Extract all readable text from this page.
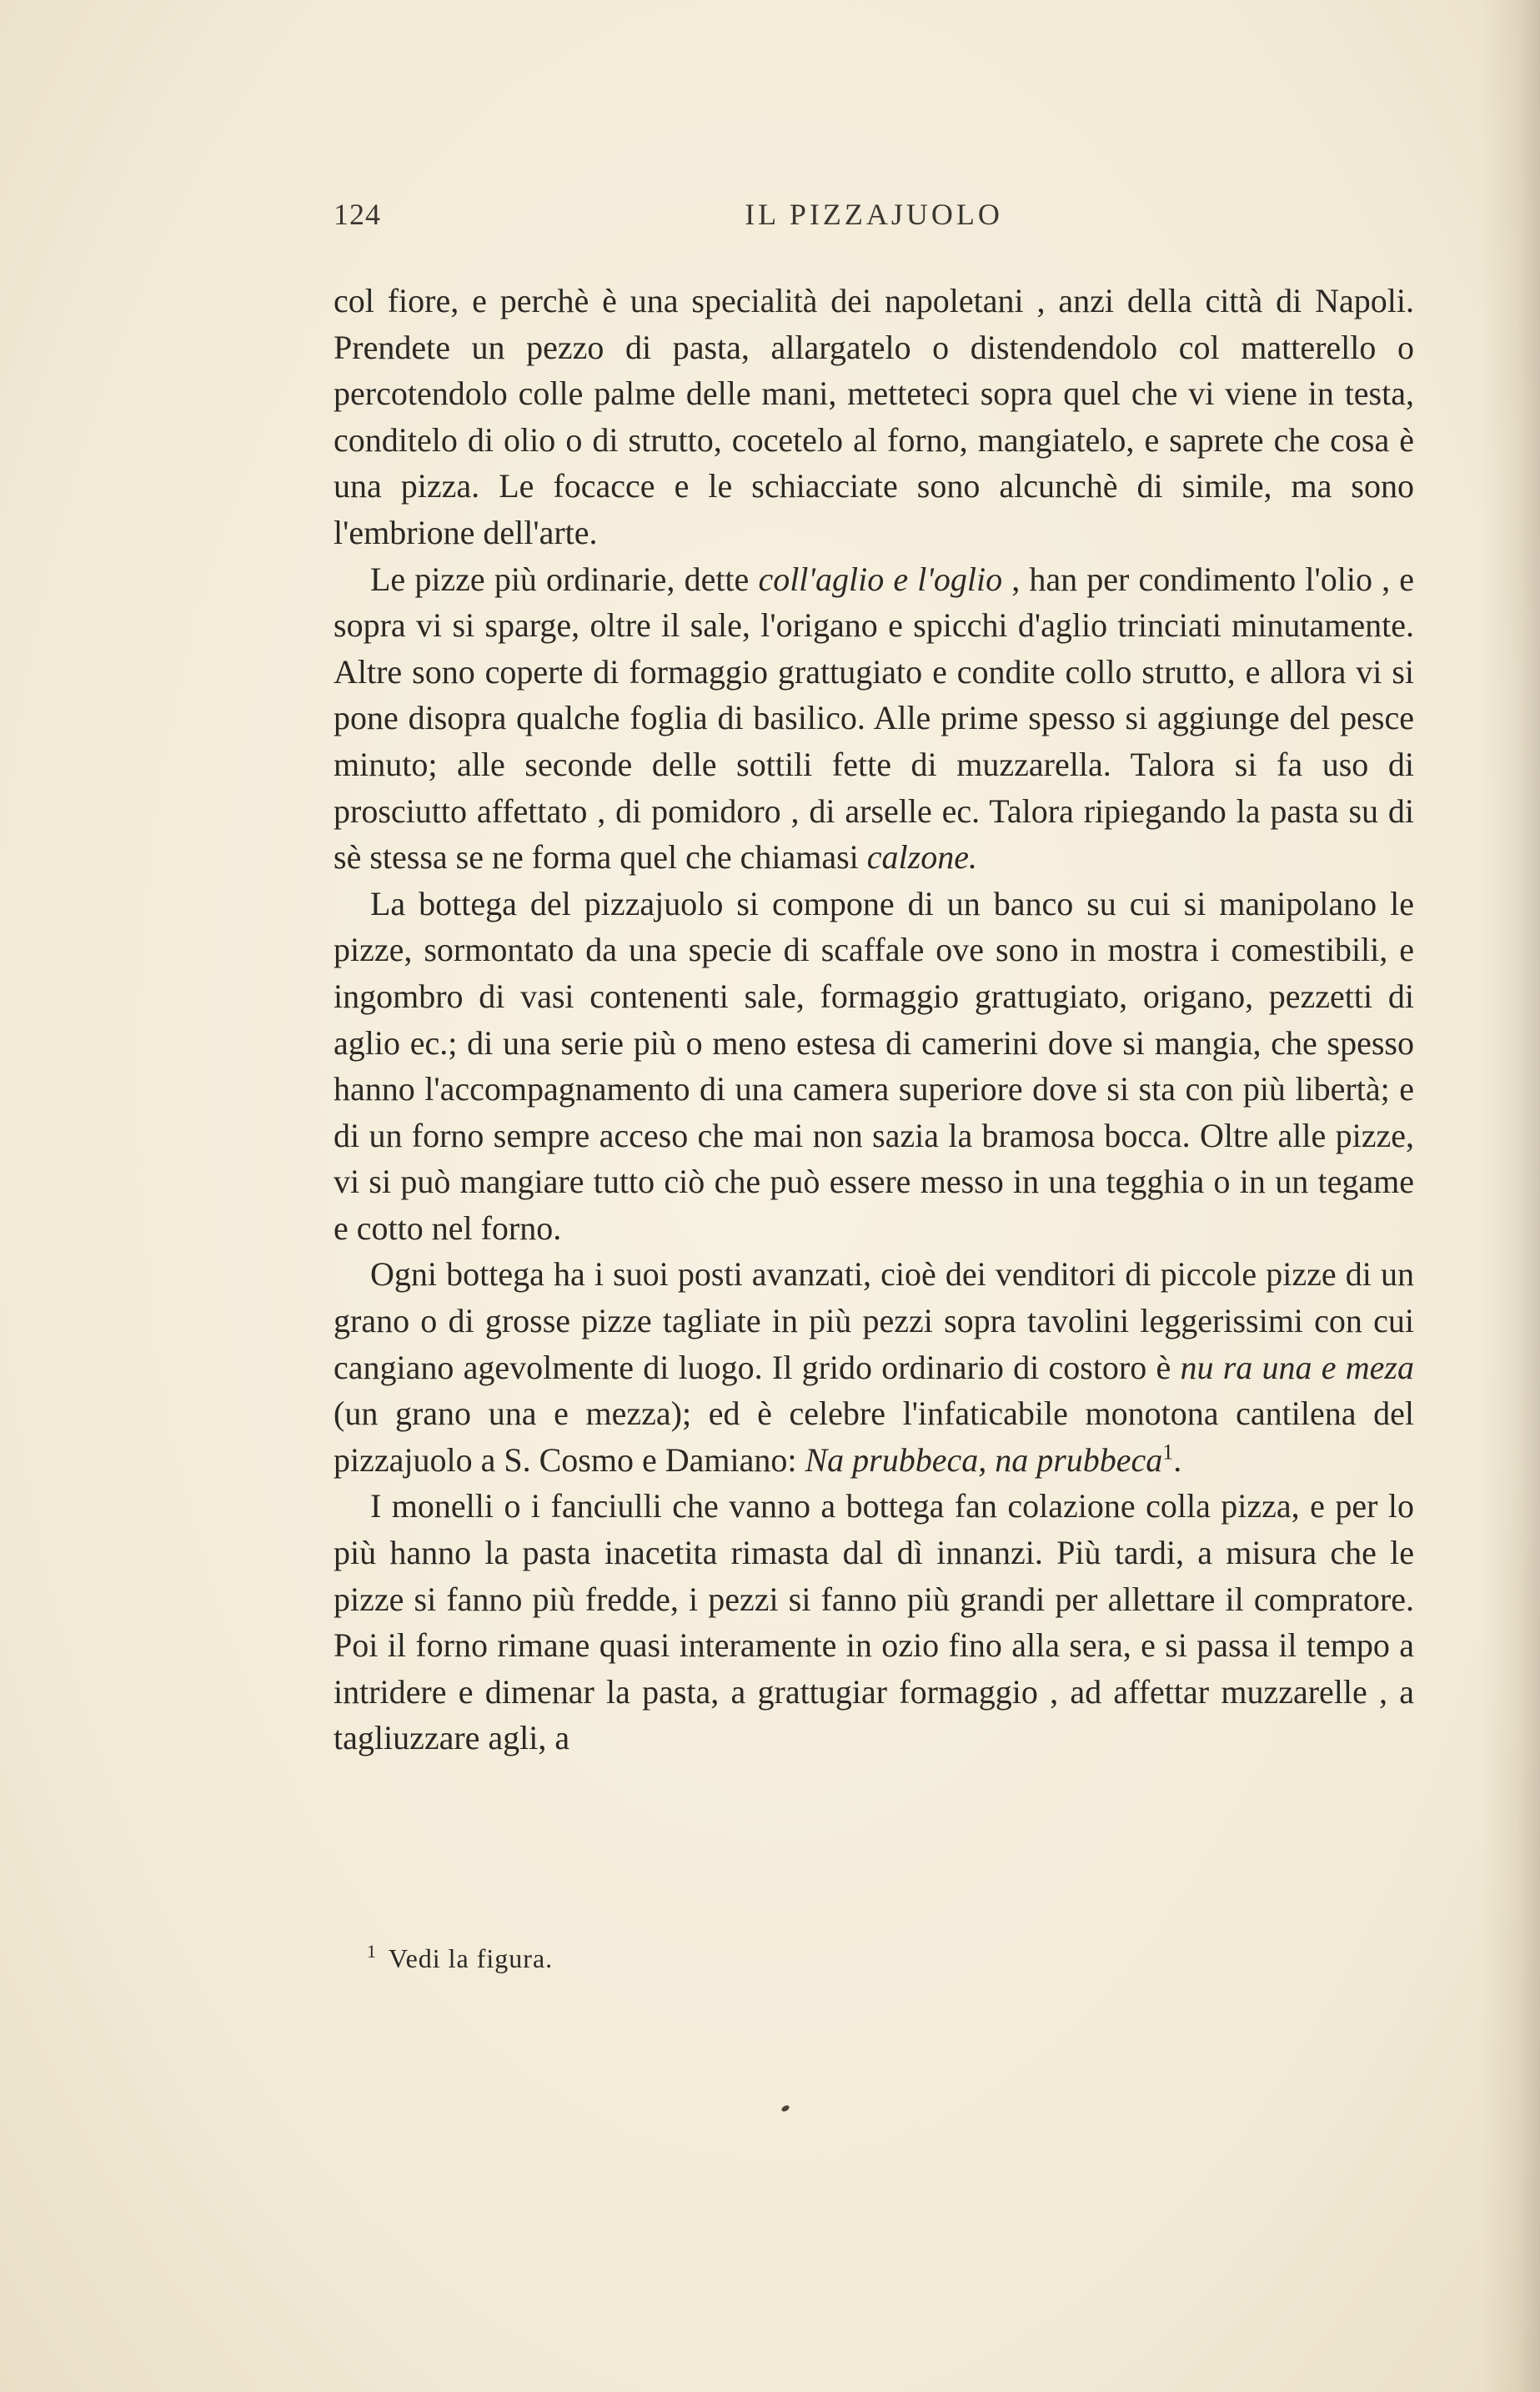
124	IL PIZZAJUOLO

col fiore, e perchè è una specialità dei napoletani , anzi della città di Napoli. Prendete un pezzo di pasta, allargatelo o distendendolo col matterello o percotendolo colle palme delle mani, metteteci sopra quel che vi viene in testa, conditelo di olio o di strutto, cocetelo al forno, mangiatelo, e saprete che cosa è una pizza. Le focacce e le schiacciate sono alcunchè di simile, ma sono l'embrione dell'arte.

Le pizze più ordinarie, dette coll'aglio e l'oglio , han per condimento l'olio , e sopra vi si sparge, oltre il sale, l'origano e spicchi d'aglio trinciati minutamente. Altre sono coperte di formaggio grattugiato e condite collo strutto, e allora vi si pone disopra qualche foglia di basilico. Alle prime spesso si aggiunge del pesce minuto; alle seconde delle sottili fette di muzzarella. Talora si fa uso di prosciutto affettato , di pomidoro , di arselle ec. Talora ripiegando la pasta su di sè stessa se ne forma quel che chiamasi calzone.

La bottega del pizzajuolo si compone di un banco su cui si manipolano le pizze, sormontato da una specie di scaffale ove sono in mostra i comestibili, e ingombro di vasi contenenti sale, formaggio grattugiato, origano, pezzetti di aglio ec.; di una serie più o meno estesa di camerini dove si mangia, che spesso hanno l'accompagnamento di una camera superiore dove si sta con più libertà; e di un forno sempre acceso che mai non sazia la bramosa bocca. Oltre alle pizze, vi si può mangiare tutto ciò che può essere messo in una tegghia o in un tegame e cotto nel forno.

Ogni bottega ha i suoi posti avanzati, cioè dei venditori di piccole pizze di un grano o di grosse pizze tagliate in più pezzi sopra tavolini leggerissimi con cui cangiano agevolmente di luogo. Il grido ordinario di costoro è nu ra una e meza (un grano una e mezza); ed è celebre l'infaticabile monotona cantilena del pizzajuolo a S. Cosmo e Damiano: Na prubbeca, na prubbeca$^1$.

I monelli o i fanciulli che vanno a bottega fan colazione colla pizza, e per lo più hanno la pasta inacetita rimasta dal dì innanzi. Più tardi, a misura che le pizze si fanno più fredde, i pezzi si fanno più grandi per allettare il compratore. Poi il forno rimane quasi interamente in ozio fino alla sera, e si passa il tempo a intridere e dimenar la pasta, a grattugiar formaggio , ad affettar muzzarelle , a tagliuzzare agli, a

$^1$ Vedi la figura.
